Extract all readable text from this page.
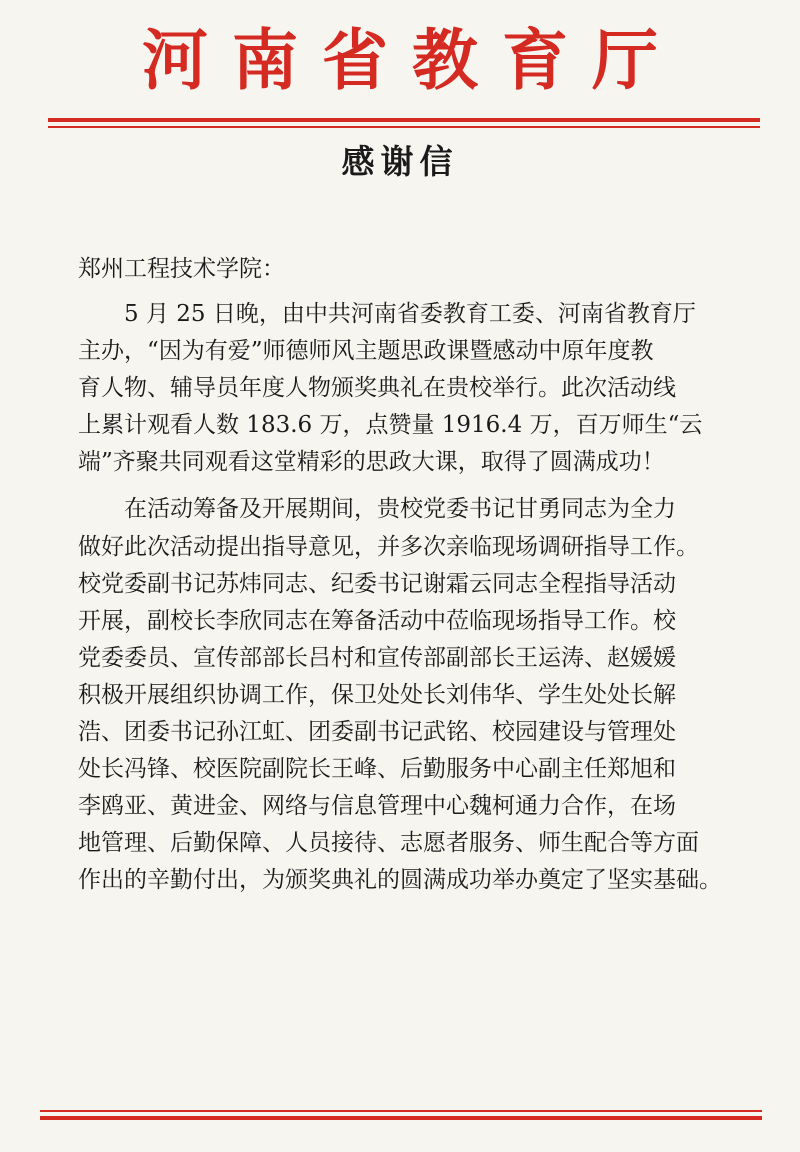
河南省教育厅
感谢信
郑州工程技术学院：
5 月 25 日晚，由中共河南省委教育工委、河南省教育厅
主办，“因为有爱”师德师风主题思政课暨感动中原年度教
育人物、辅导员年度人物颁奖典礼在贵校举行。此次活动线
上累计观看人数 183.6 万，点赞量 1916.4 万，百万师生“云
端”齐聚共同观看这堂精彩的思政大课，取得了圆满成功！
在活动筹备及开展期间，贵校党委书记甘勇同志为全力
做好此次活动提出指导意见，并多次亲临现场调研指导工作。
校党委副书记苏炜同志、纪委书记谢霜云同志全程指导活动
开展，副校长李欣同志在筹备活动中莅临现场指导工作。校
党委委员、宣传部部长吕村和宣传部副部长王运涛、赵媛媛
积极开展组织协调工作，保卫处处长刘伟华、学生处处长解
浩、团委书记孙江虹、团委副书记武铭、校园建设与管理处
处长冯锋、校医院副院长王峰、后勤服务中心副主任郑旭和
李鸥亚、黄进金、网络与信息管理中心魏柯通力合作，在场
地管理、后勤保障、人员接待、志愿者服务、师生配合等方面
作出的辛勤付出，为颁奖典礼的圆满成功举办奠定了坚实基础。
